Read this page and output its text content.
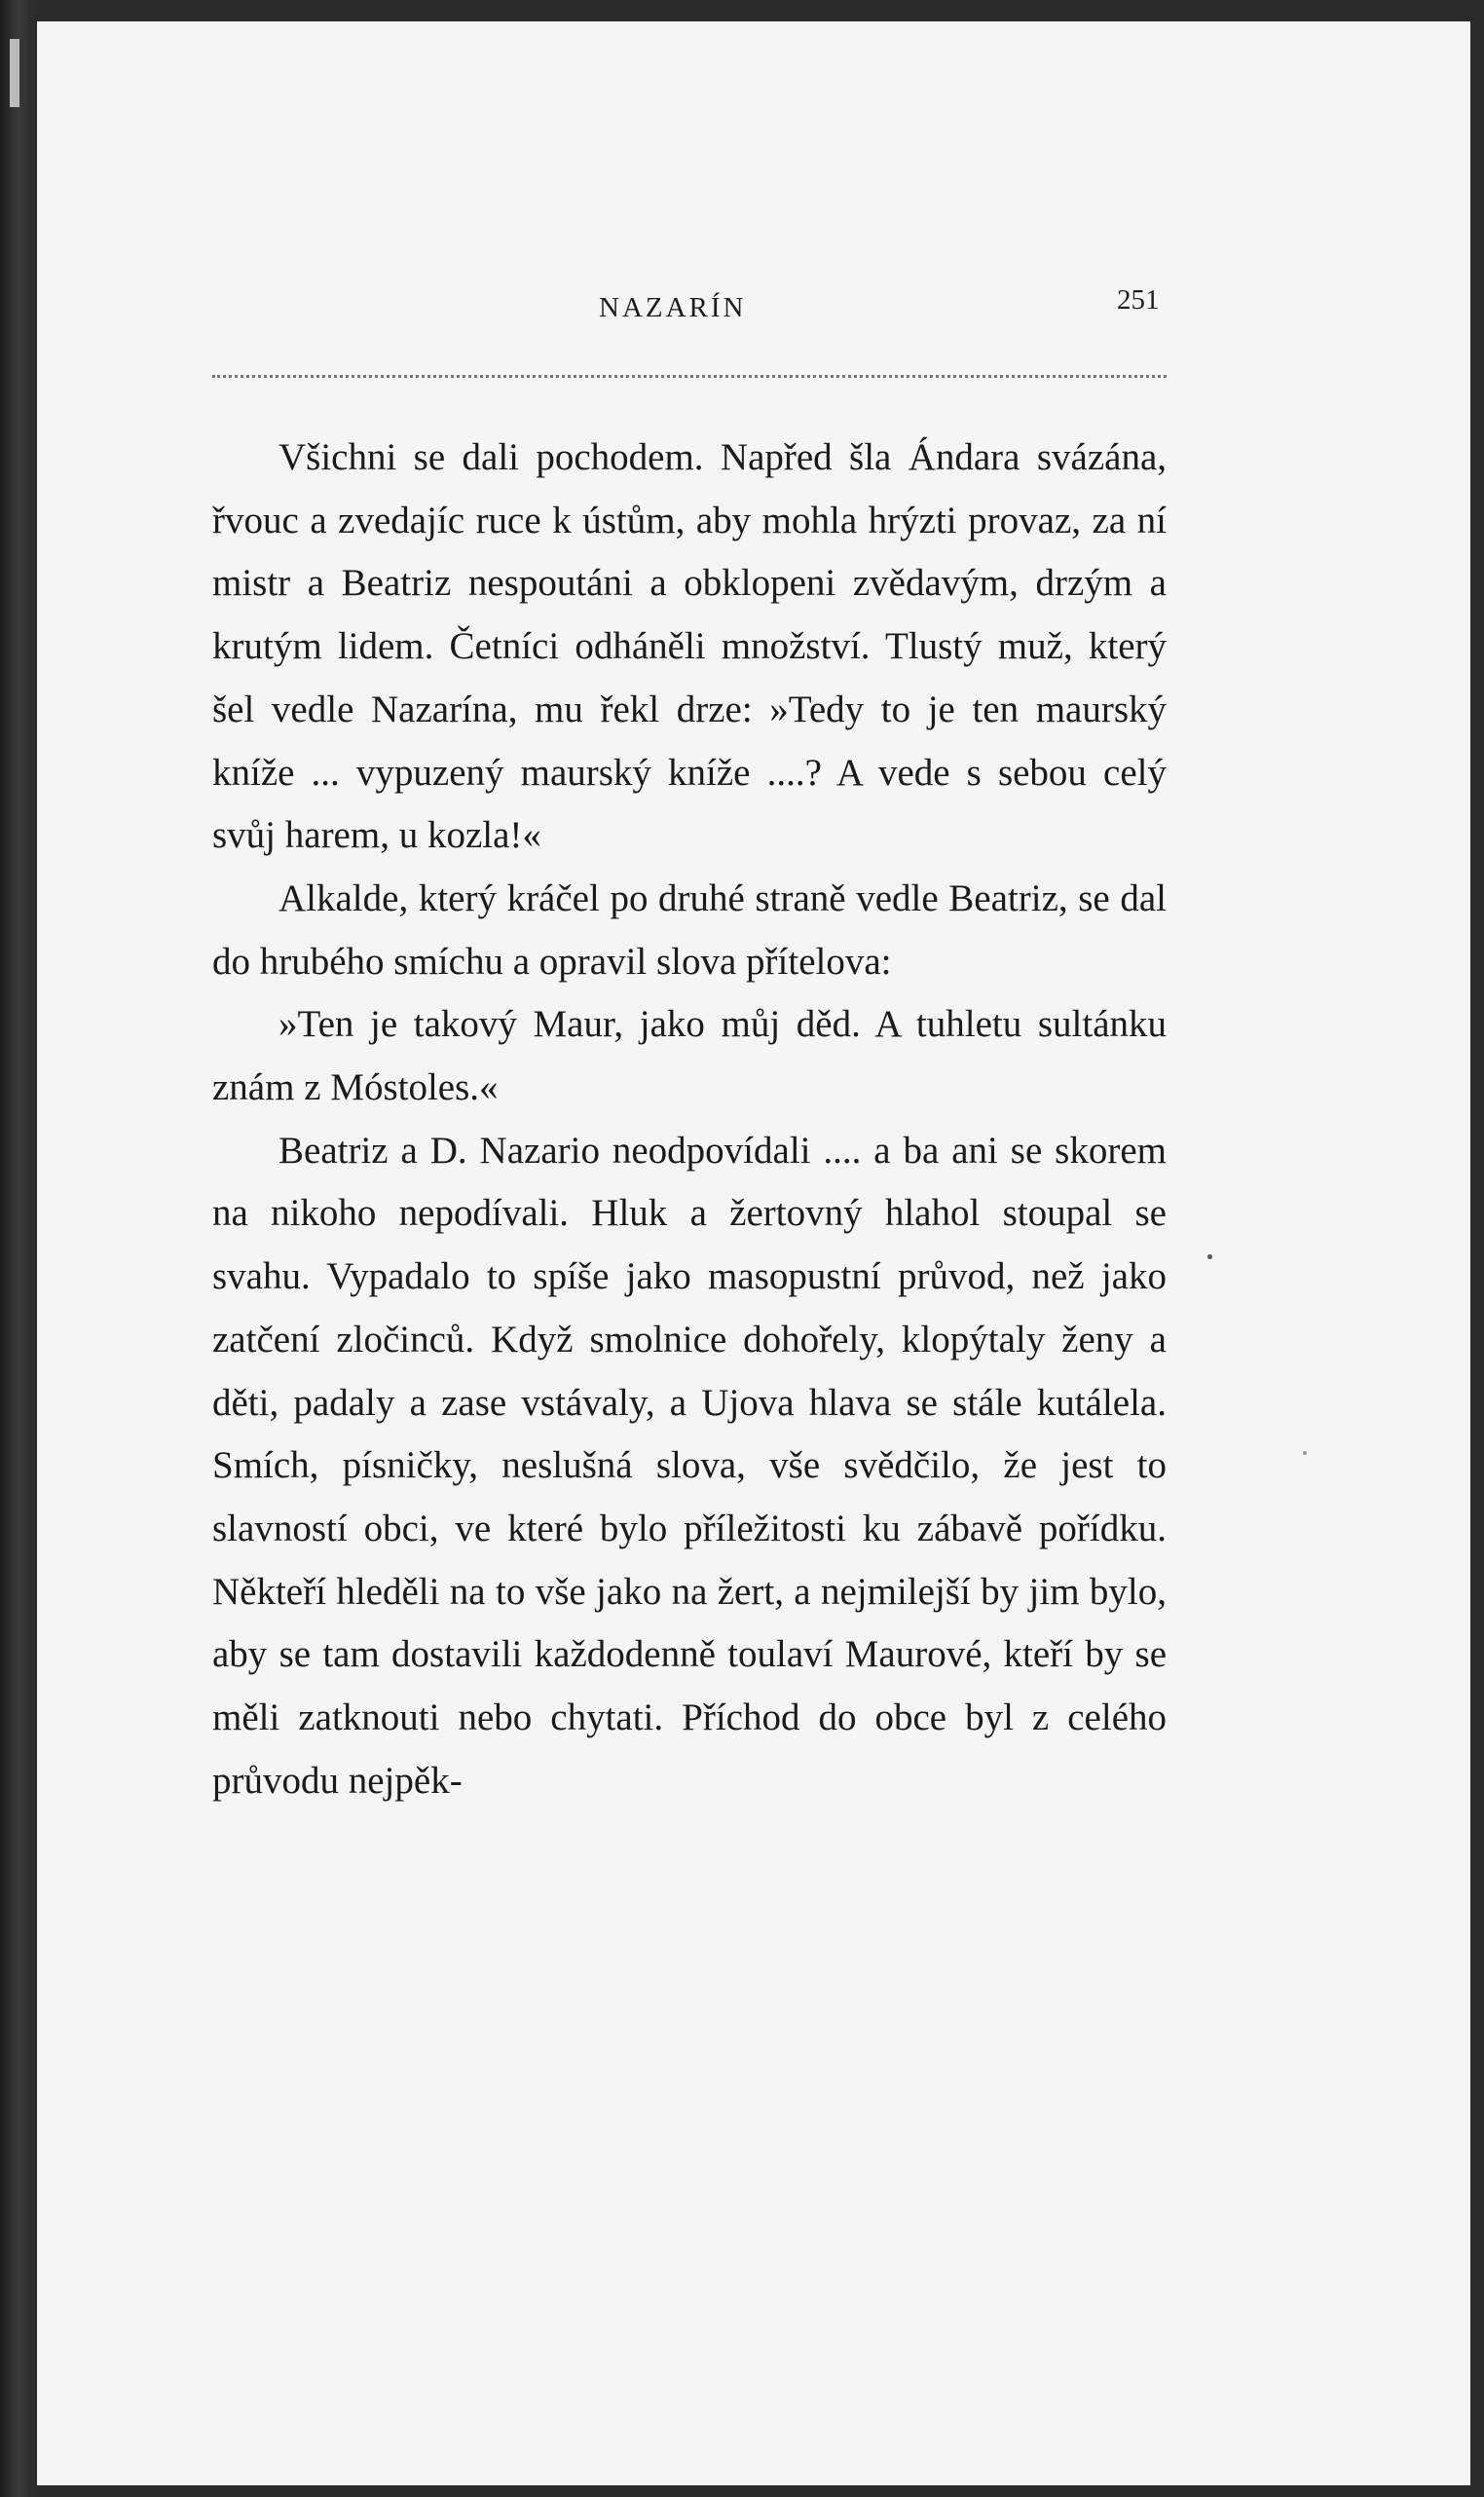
NAZARÍN	251

Všichni se dali pochodem. Napřed šla Ándara svázána, řvouc a zvedajíc ruce k ústům, aby mohla hrýzti provaz, za ní mistr a Beatriz nespoutáni a obklopeni zvědavým, drzým a krutým lidem. Četníci odháněli množství. Tlustý muž, který šel vedle Nazarína, mu řekl drze: »Tedy to je ten maurský kníže ... vypuzený maurský kníže ....? A vede s sebou celý svůj harem, u kozla!«

Alkalde, který kráčel po druhé straně vedle Beatriz, se dal do hrubého smíchu a opravil slova přítelova:

»Ten je takový Maur, jako můj děd. A tuhletu sultánku znám z Móstoles.«

Beatriz a D. Nazario neodpovídali .... a ba ani se skorem na nikoho nepodívali. Hluk a žertovný hlahol stoupal se svahu. Vypadalo to spíše jako masopustní průvod, než jako zatčení zločinců. Když smolnice dohořely, klopýtaly ženy a děti, padaly a zase vstávaly, a Ujova hlava se stále kutálela. Smích, písničky, neslušná slova, vše svědčilo, že jest to slavností obci, ve které bylo příležitosti ku zábavě pořídku. Někteří hleděli na to vše jako na žert, a nejmilejší by jim bylo, aby se tam dostavili každodenně toulaví Maurové, kteří by se měli zatknouti nebo chytati. Příchod do obce byl z celého průvodu nejpěk-
